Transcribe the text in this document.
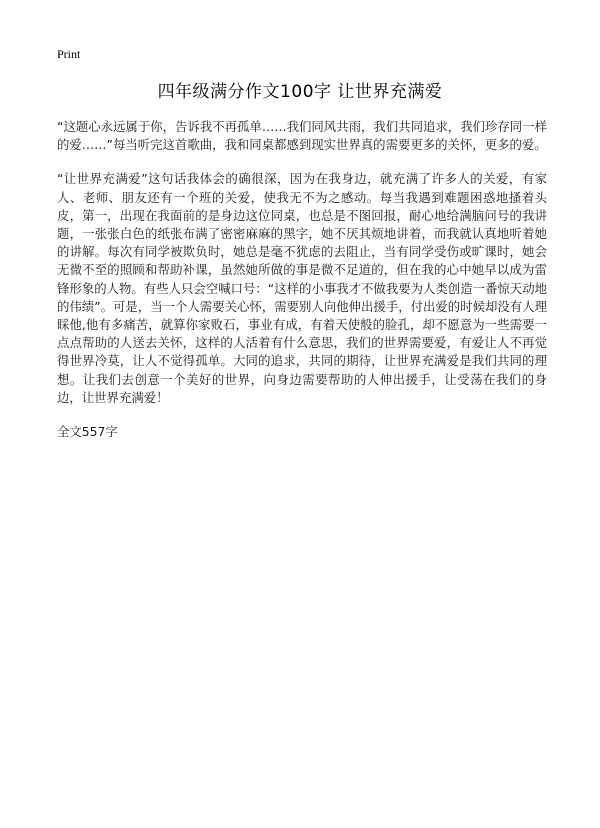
Print
四年级满分作文100字 让世界充满爱

“这题心永远属于你，告诉我不再孤单……我们同风共雨，我们共同追求，我们珍存同一样的爱……”每当听完这首歌曲，我和同桌都感到现实世界真的需要更多的关怀，更多的爱。

“让世界充满爱”这句话我体会的确很深，因为在我身边，就充满了许多人的关爱，有家人、老师、朋友还有一个班的关爱，使我无不为之感动。每当我遇到难题困惑地搔着头皮，第一，出现在我面前的是身边这位同桌，也总是不图回报，耐心地给满脑问号的我讲题，一张张白色的纸张布满了密密麻麻的黑字，她不厌其烦地讲着，而我就认真地听着她的讲解。每次有同学被欺负时，她总是毫不犹虑的去阻止，当有同学受伤或旷课时，她会无微不至的照顾和帮助补课，虽然她所做的事是微不足道的，但在我的心中她早以成为雷锋形象的人物。有些人只会空喊口号：“这样的小事我才不做我要为人类创造一番惊天动地的伟绩”。可是，当一个人需要关心怀，需要别人向他伸出援手，付出爱的时候却没有人理睬他,他有多痛苦，就算你家败石，事业有成，有着天使般的脸孔，却不愿意为一些需要一点点帮助的人送去关怀，这样的人活着有什么意思，我们的世界需要爱，有爱让人不再觉得世界冷莫，让人不觉得孤单。大同的追求，共同的期待，让世界充满爱是我们共同的理想。让我们去创意一个美好的世界，向身边需要帮助的人伸出援手，让受荡在我们的身边，让世界充满爱！

全文557字
